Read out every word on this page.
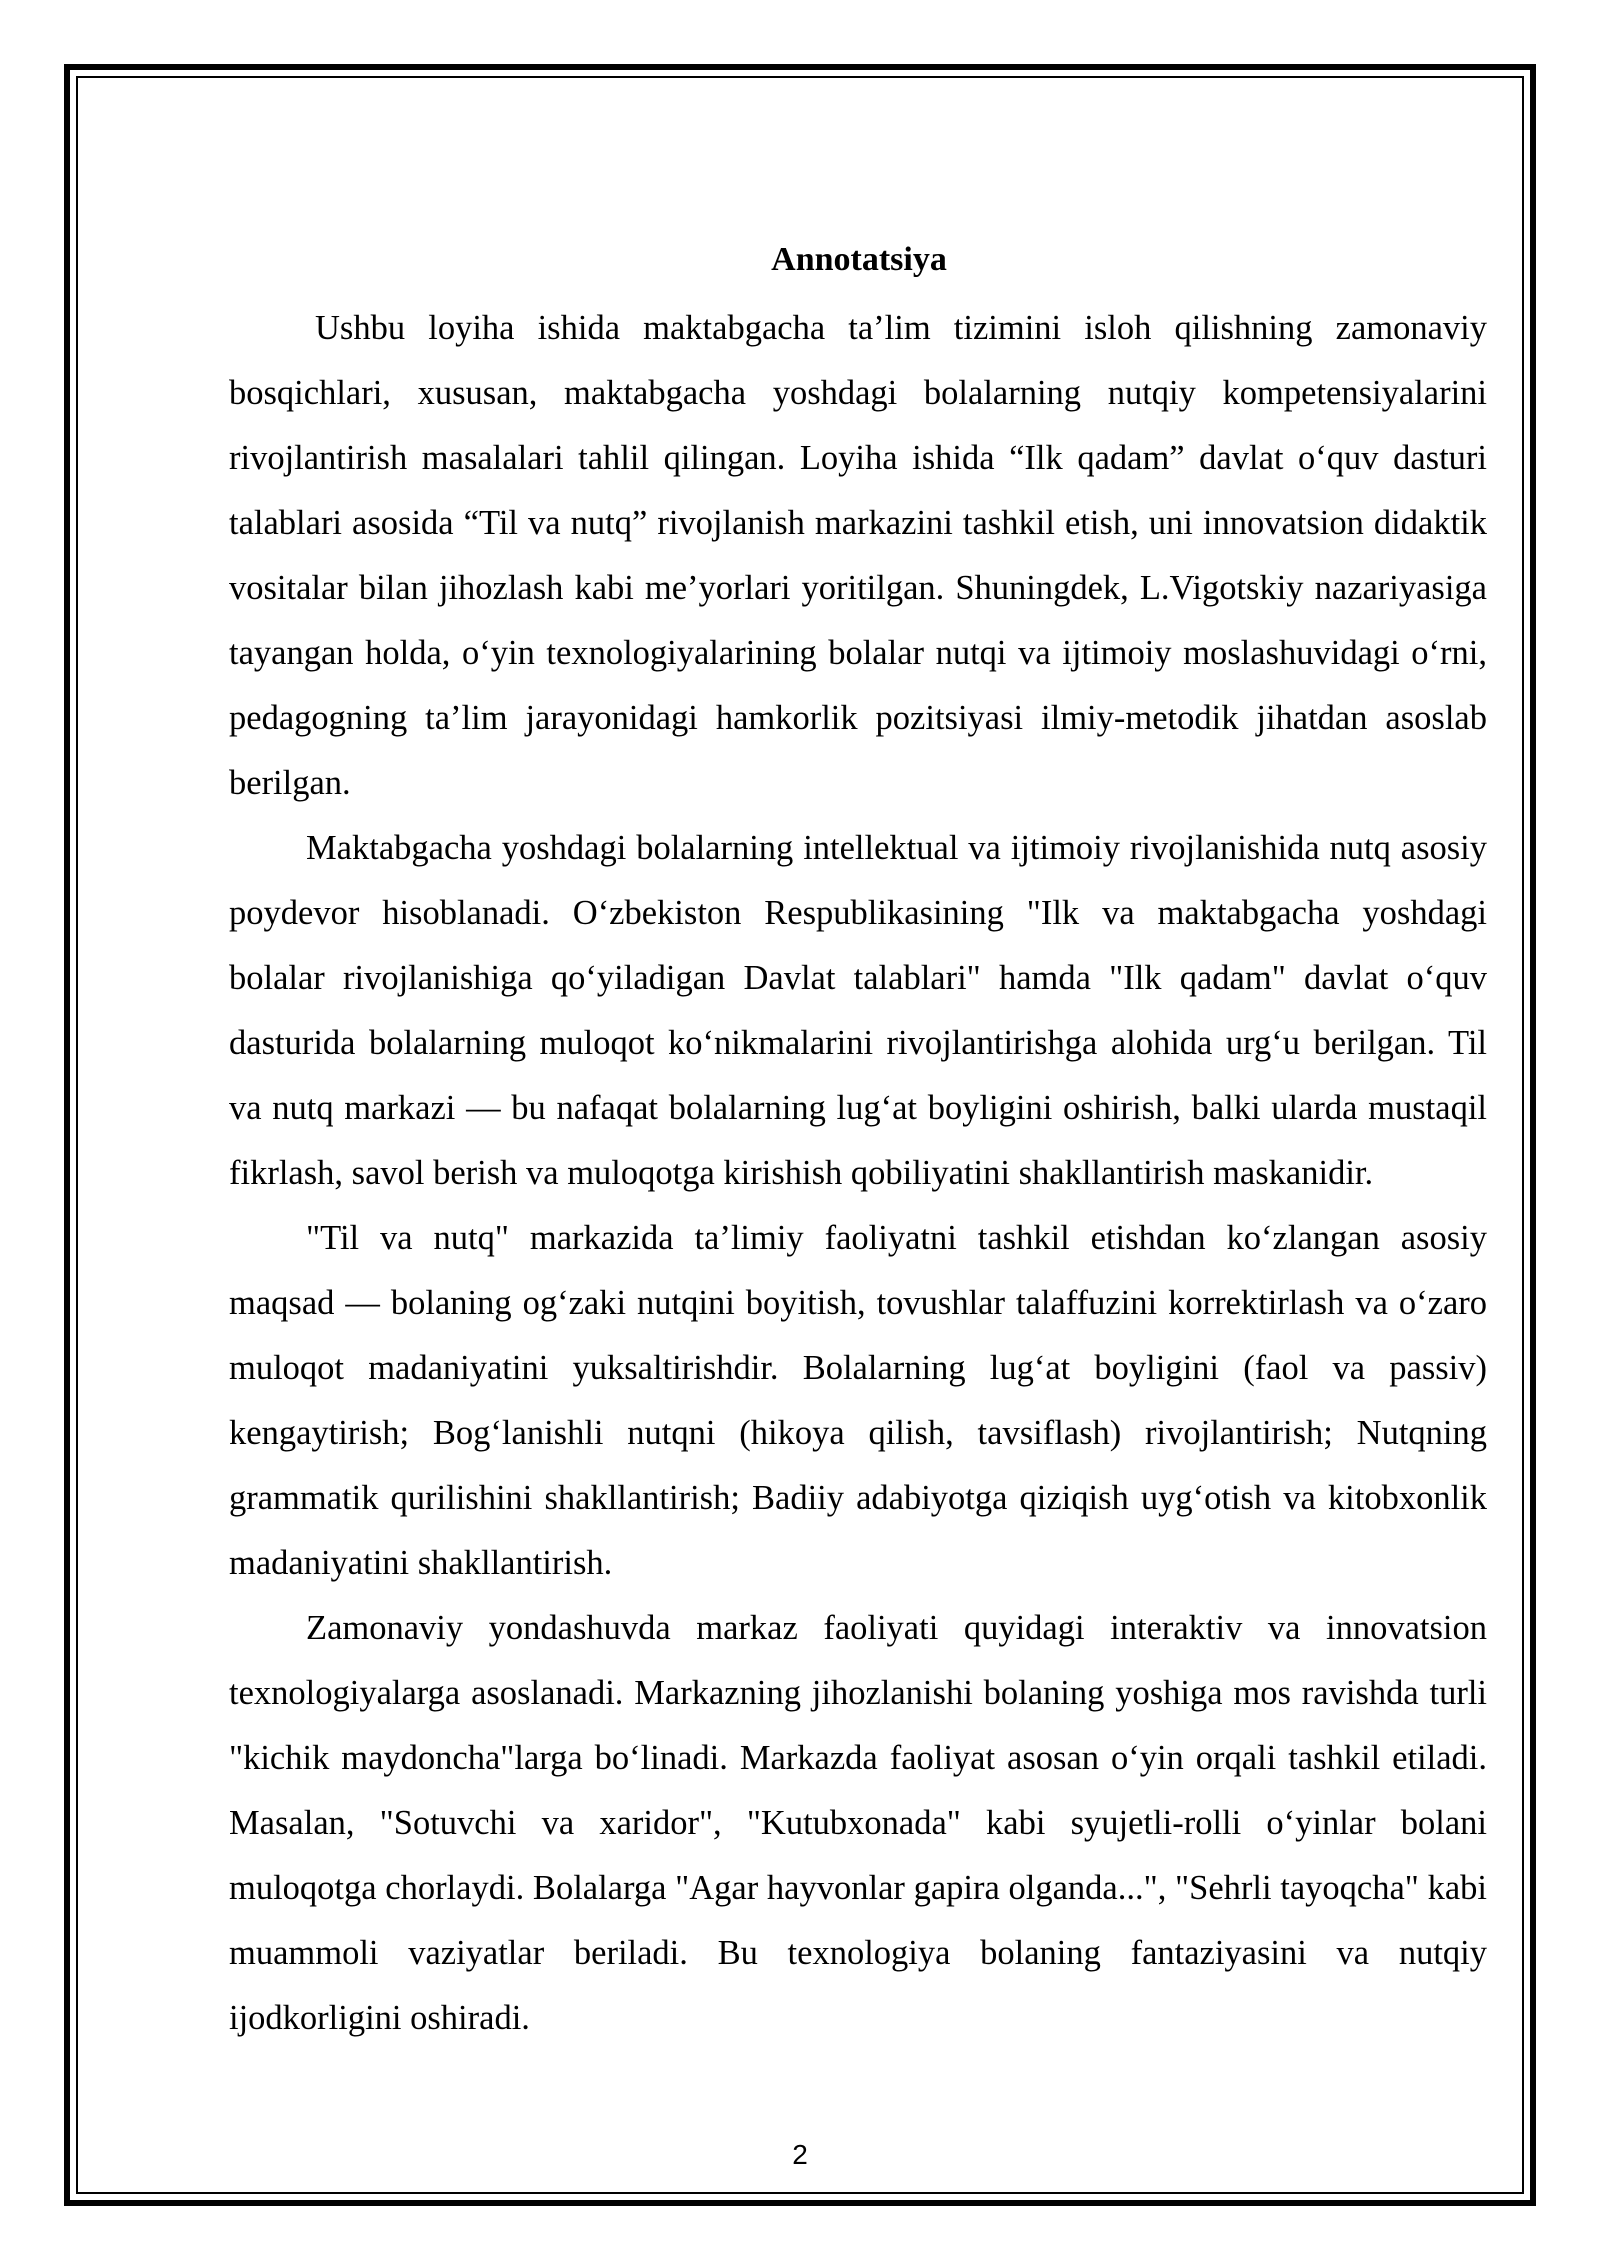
Annotatsiya

Ushbu loyiha ishida maktabgacha ta’lim tizimini isloh qilishning zamonaviy bosqichlari, xususan, maktabgacha yoshdagi bolalarning nutqiy kompetensiyalarini rivojlantirish masalalari tahlil qilingan. Loyiha ishida “Ilk qadam” davlat o‘quv dasturi talablari asosida “Til va nutq” rivojlanish markazini tashkil etish, uni innovatsion didaktik vositalar bilan jihozlash kabi me’yorlari yoritilgan. Shuningdek, L.Vigotskiy nazariyasiga tayangan holda, o‘yin texnologiyalarining bolalar nutqi va ijtimoiy moslashuvidagi o‘rni, pedagogning ta’lim jarayonidagi hamkorlik pozitsiyasi ilmiy-metodik jihatdan asoslab berilgan.

Maktabgacha yoshdagi bolalarning intellektual va ijtimoiy rivojlanishida nutq asosiy poydevor hisoblanadi. O‘zbekiston Respublikasining "Ilk va maktabgacha yoshdagi bolalar rivojlanishiga qo‘yiladigan Davlat talablari" hamda "Ilk qadam" davlat o‘quv dasturida bolalarning muloqot ko‘nikmalarini rivojlantirishga alohida urg‘u berilgan. Til va nutq markazi — bu nafaqat bolalarning lug‘at boyligini oshirish, balki ularda mustaqil fikrlash, savol berish va muloqotga kirishish qobiliyatini shakllantirish maskanidir.

"Til va nutq" markazida ta’limiy faoliyatni tashkil etishdan ko‘zlangan asosiy maqsad — bolaning og‘zaki nutqini boyitish, tovushlar talaffuzini korrektirlash va o‘zaro muloqot madaniyatini yuksaltirishdir. Bolalarning lug‘at boyligini (faol va passiv) kengaytirish; Bog‘lanishli nutqni (hikoya qilish, tavsiflash) rivojlantirish; Nutqning grammatik qurilishini shakllantirish; Badiiy adabiyotga qiziqish uyg‘otish va kitobxonlik madaniyatini shakllantirish.

Zamonaviy yondashuvda markaz faoliyati quyidagi interaktiv va innovatsion texnologiyalarga asoslanadi. Markazning jihozlanishi bolaning yoshiga mos ravishda turli "kichik maydoncha"larga bo‘linadi. Markazda faoliyat asosan o‘yin orqali tashkil etiladi. Masalan, "Sotuvchi va xaridor", "Kutubxonada" kabi syujetli-rolli o‘yinlar bolani muloqotga chorlaydi. Bolalarga "Agar hayvonlar gapira olganda...", "Sehrli tayoqcha" kabi muammoli vaziyatlar beriladi. Bu texnologiya bolaning fantaziyasini va nutqiy ijodkorligini oshiradi.

2
